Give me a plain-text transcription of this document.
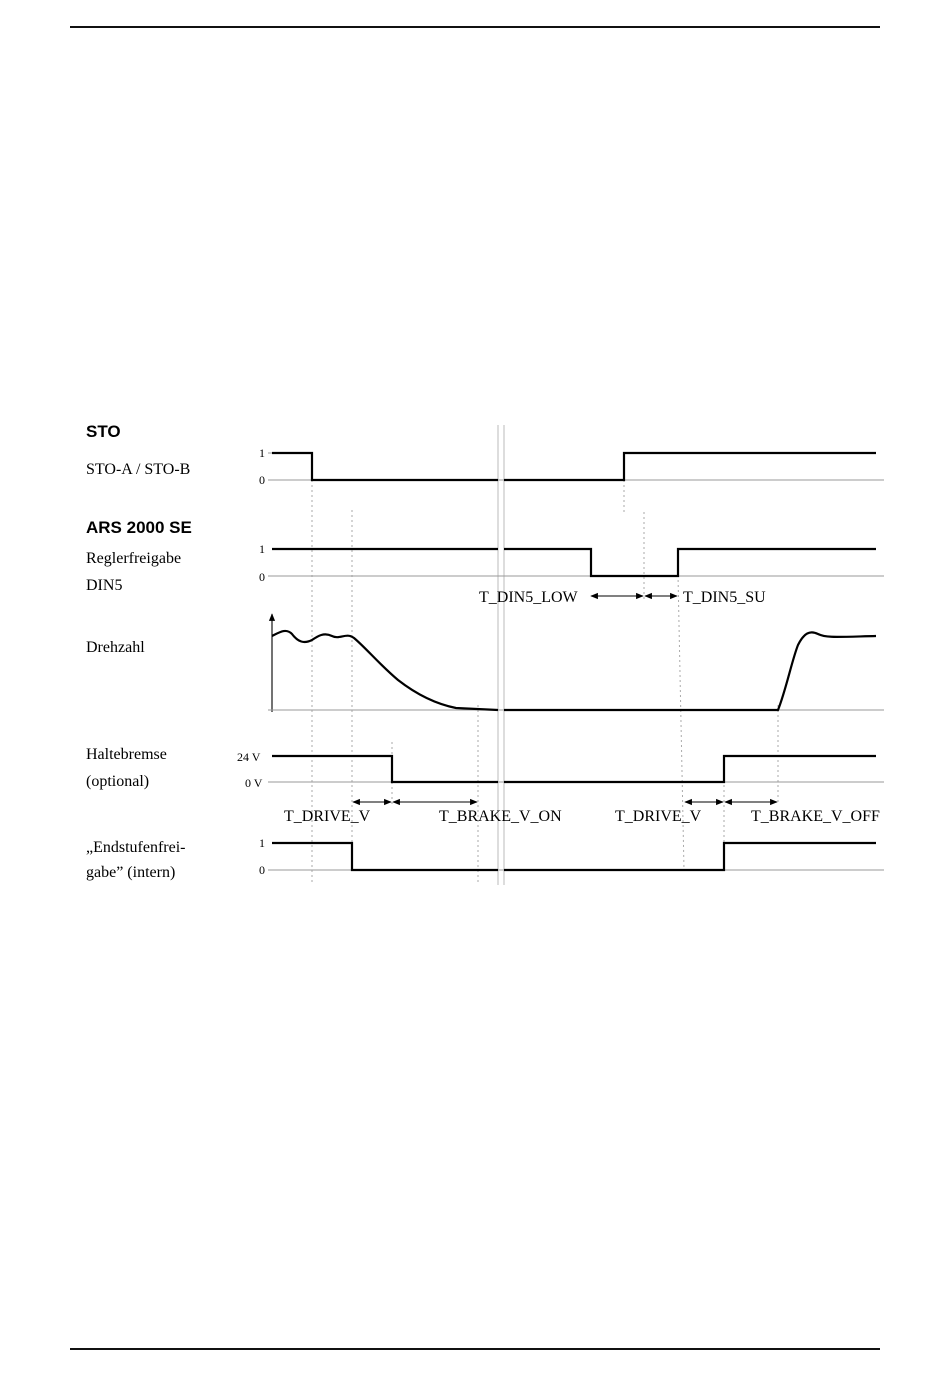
STO
ARS 2000 SE
STO-A / STO-B
1
0
Reglerfreigabe
DIN5
1
0
T_DIN5_LOW	T_DIN5_SU
Drehzahl
Haltebremse
(optional)
24 V
0 V
T_DRIVE_V	T_BRAKE_V_ON	T_DRIVE_V	T_BRAKE_V_OFF
„Endstufenfrei-
gabe” (intern)
1
0
